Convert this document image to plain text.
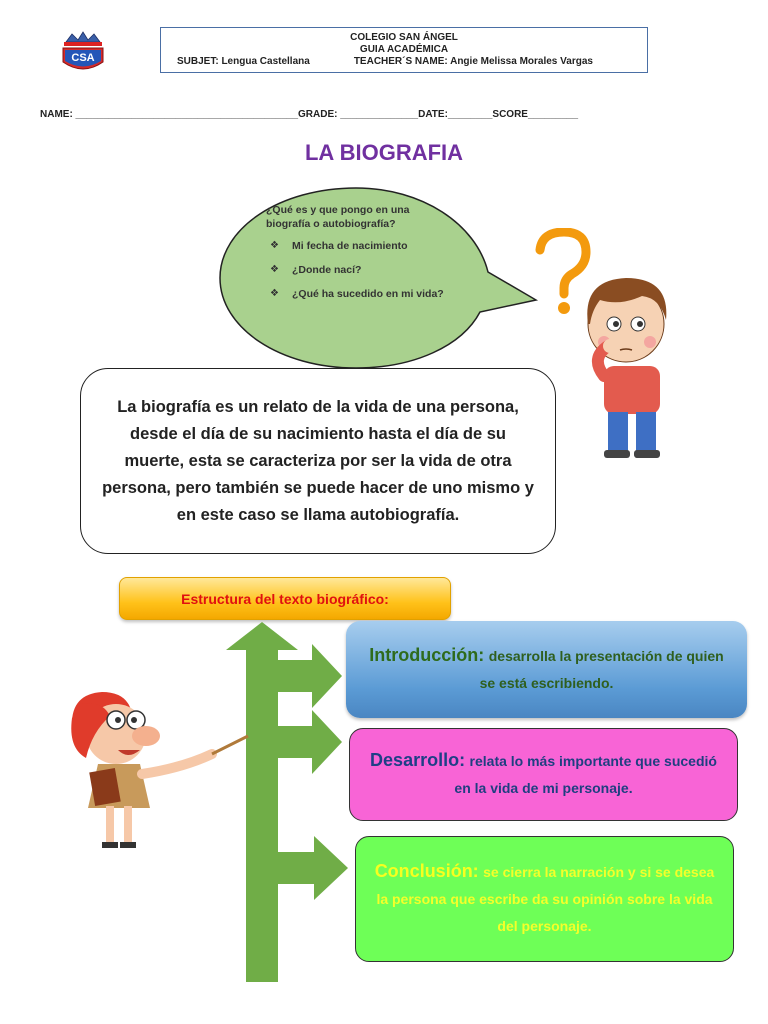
CSA
COLEGIO SAN ÁNGEL
GUIA ACADÉMICA
SUBJET: Lengua Castellana	TEACHER´S NAME: Angie Melissa Morales Vargas
NAME: ________________________________________GRADE: ______________DATE:________SCORE_________
LA BIOGRAFIA
¿Qué es y que pongo en una biografía o autobiografía?
❖ Mi fecha de nacimiento
❖ ¿Donde nací?
❖ ¿Qué ha sucedido en mi vida?
La biografía es un relato de la vida de una persona, desde el día de su nacimiento hasta el día de su muerte, esta se caracteriza por ser la vida de otra persona, pero también se puede hacer de uno mismo y en este caso se llama autobiografía.
Estructura del texto biográfico:
Introducción: desarrolla la presentación de quien se está escribiendo.
Desarrollo: relata lo más importante que sucedió en la vida de mi personaje.
Conclusión: se cierra la narración y si se desea la persona que escribe da su opinión sobre la vida del personaje.
